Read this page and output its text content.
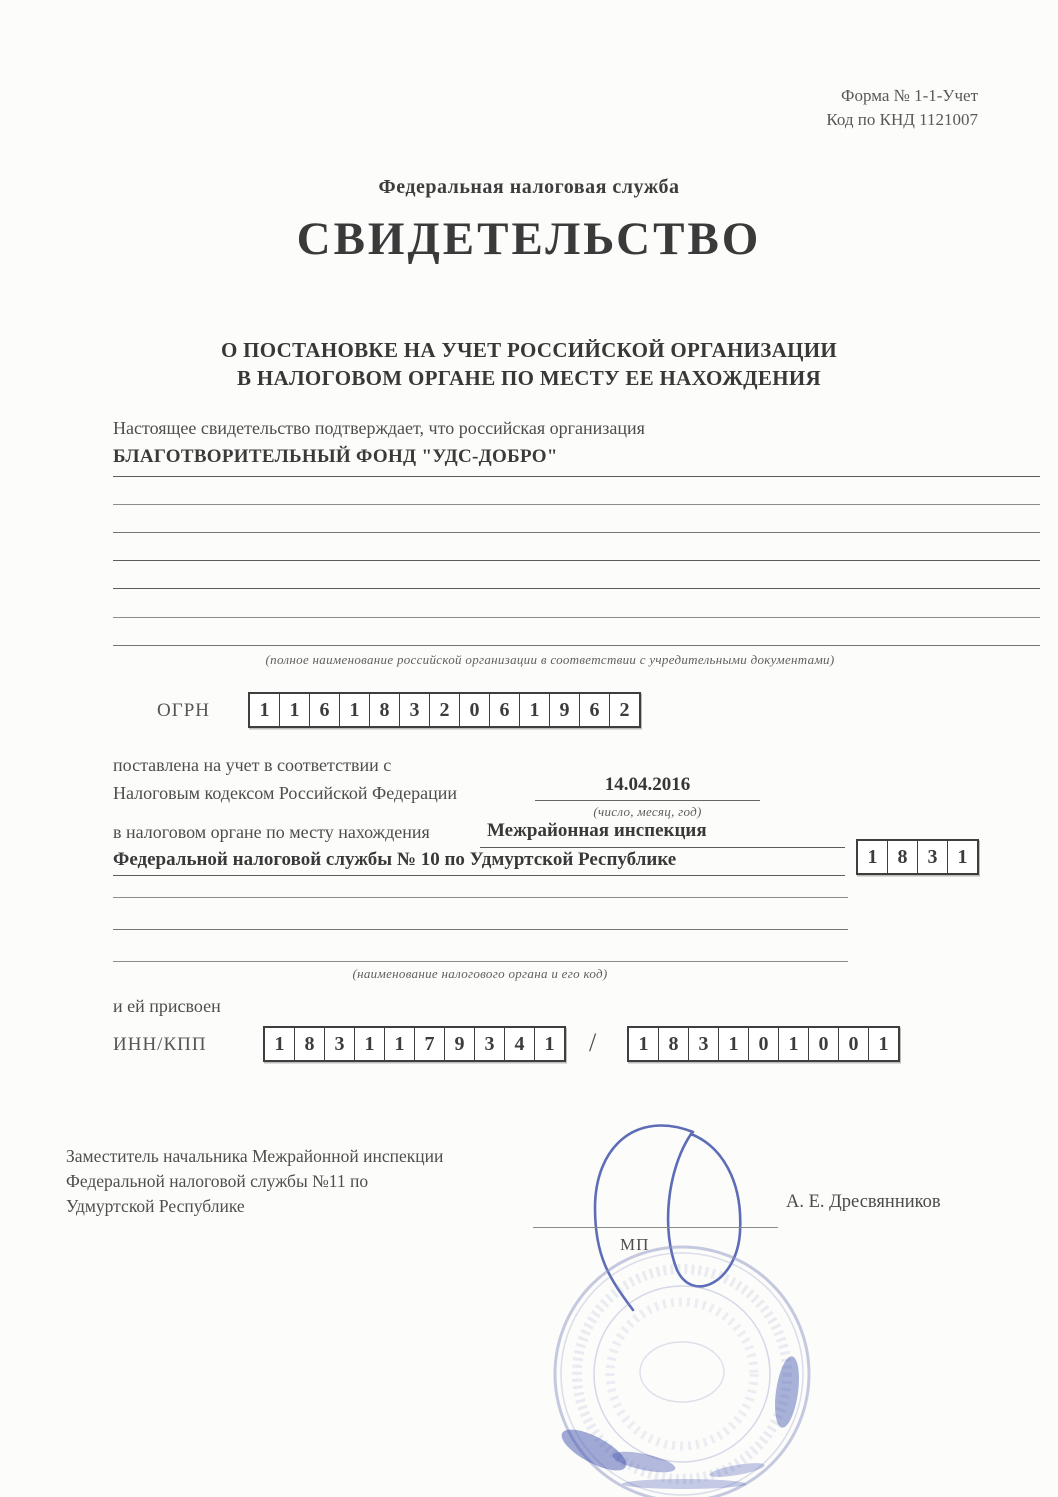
Форма № 1-1-Учет
Код по КНД 1121007
Федеральная налоговая служба
СВИДЕТЕЛЬСТВО
О ПОСТАНОВКЕ НА УЧЕТ РОССИЙСКОЙ ОРГАНИЗАЦИИ
В НАЛОГОВОМ ОРГАНЕ ПО МЕСТУ ЕЕ НАХОЖДЕНИЯ
Настоящее свидетельство подтверждает, что российская организация
БЛАГОТВОРИТЕЛЬНЫЙ ФОНД "УДС-ДОБРО"
(полное наименование российской организации в соответствии с учредительными документами)
ОГРН	1	1	6	1	8	3	2	0	6	1	9	6	2
поставлена на учет в соответствии с
Налоговым кодексом Российской Федерации	14.04.2016
(число, месяц, год)
в налоговом органе по месту нахождения	Межрайонная инспекция
Федеральной налоговой службы № 10 по Удмуртской Республике	1	8	3	1
(наименование налогового органа и его код)
и ей присвоен
ИНН/КПП	1	8	3	1	1	7	9	3	4	1	/	1	8	3	1	0	1	0	0	1
Заместитель начальника Межрайонной инспекции
Федеральной налоговой службы №11 по
Удмуртской Республике
МП
А. Е. Дресвянников
